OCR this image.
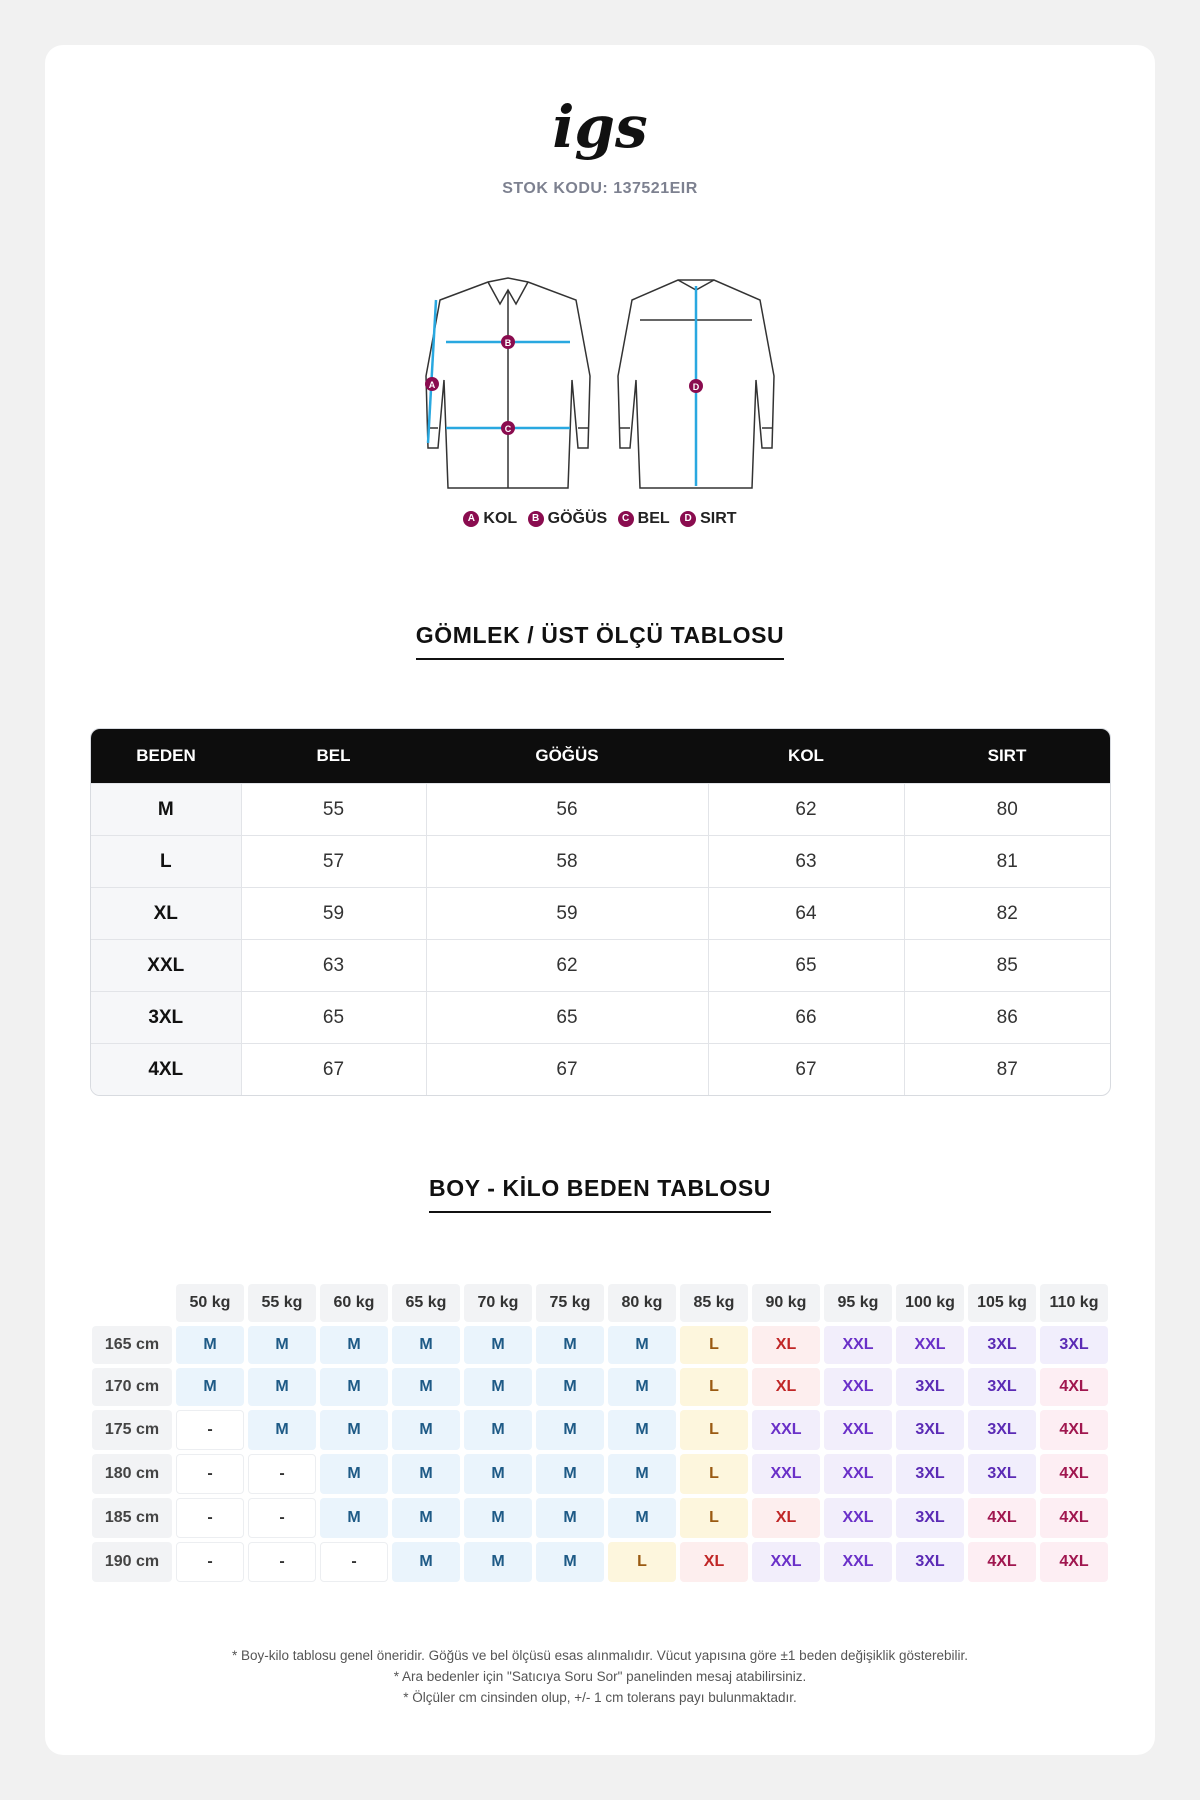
igs
STOK KODU: 137521EIR
B
C
A	D
A KOL
	B GÖĞÜS
	C BEL
	D SIRT
GÖMLEK / ÜST ÖLÇÜ TABLOSU
BEDEN	BEL	GÖĞÜS	KOL	SIRT
M	55	56	62	80
L	57	58	63	81
XL	59	59	64	82
XXL	63	62	65	85
3XL	65	65	66	86
4XL	67	67	67	87
BOY - KİLO BEDEN TABLOSU
	50 kg	55 kg	60 kg	65 kg	70 kg	75 kg	80 kg	85 kg	90 kg	95 kg	100 kg	105 kg	110 kg
165 cm	M	M	M	M	M	M	M	L	XL	XXL	XXL	3XL	3XL
170 cm	M	M	M	M	M	M	M	L	XL	XXL	3XL	3XL	4XL
175 cm	-	M	M	M	M	M	M	L	XXL	XXL	3XL	3XL	4XL
180 cm	-	-	M	M	M	M	M	L	XXL	XXL	3XL	3XL	4XL
185 cm	-	-	M	M	M	M	M	L	XL	XXL	3XL	4XL	4XL
190 cm	-	-	-	M	M	M	L	XL	XXL	XXL	3XL	4XL	4XL
* Boy-kilo tablosu genel öneridir. Göğüs ve bel ölçüsü esas alınmalıdır. Vücut yapısına göre ±1 beden değişiklik gösterebilir.
* Ara bedenler için "Satıcıya Soru Sor" panelinden mesaj atabilirsiniz.
* Ölçüler cm cinsinden olup, +/- 1 cm tolerans payı bulunmaktadır.
